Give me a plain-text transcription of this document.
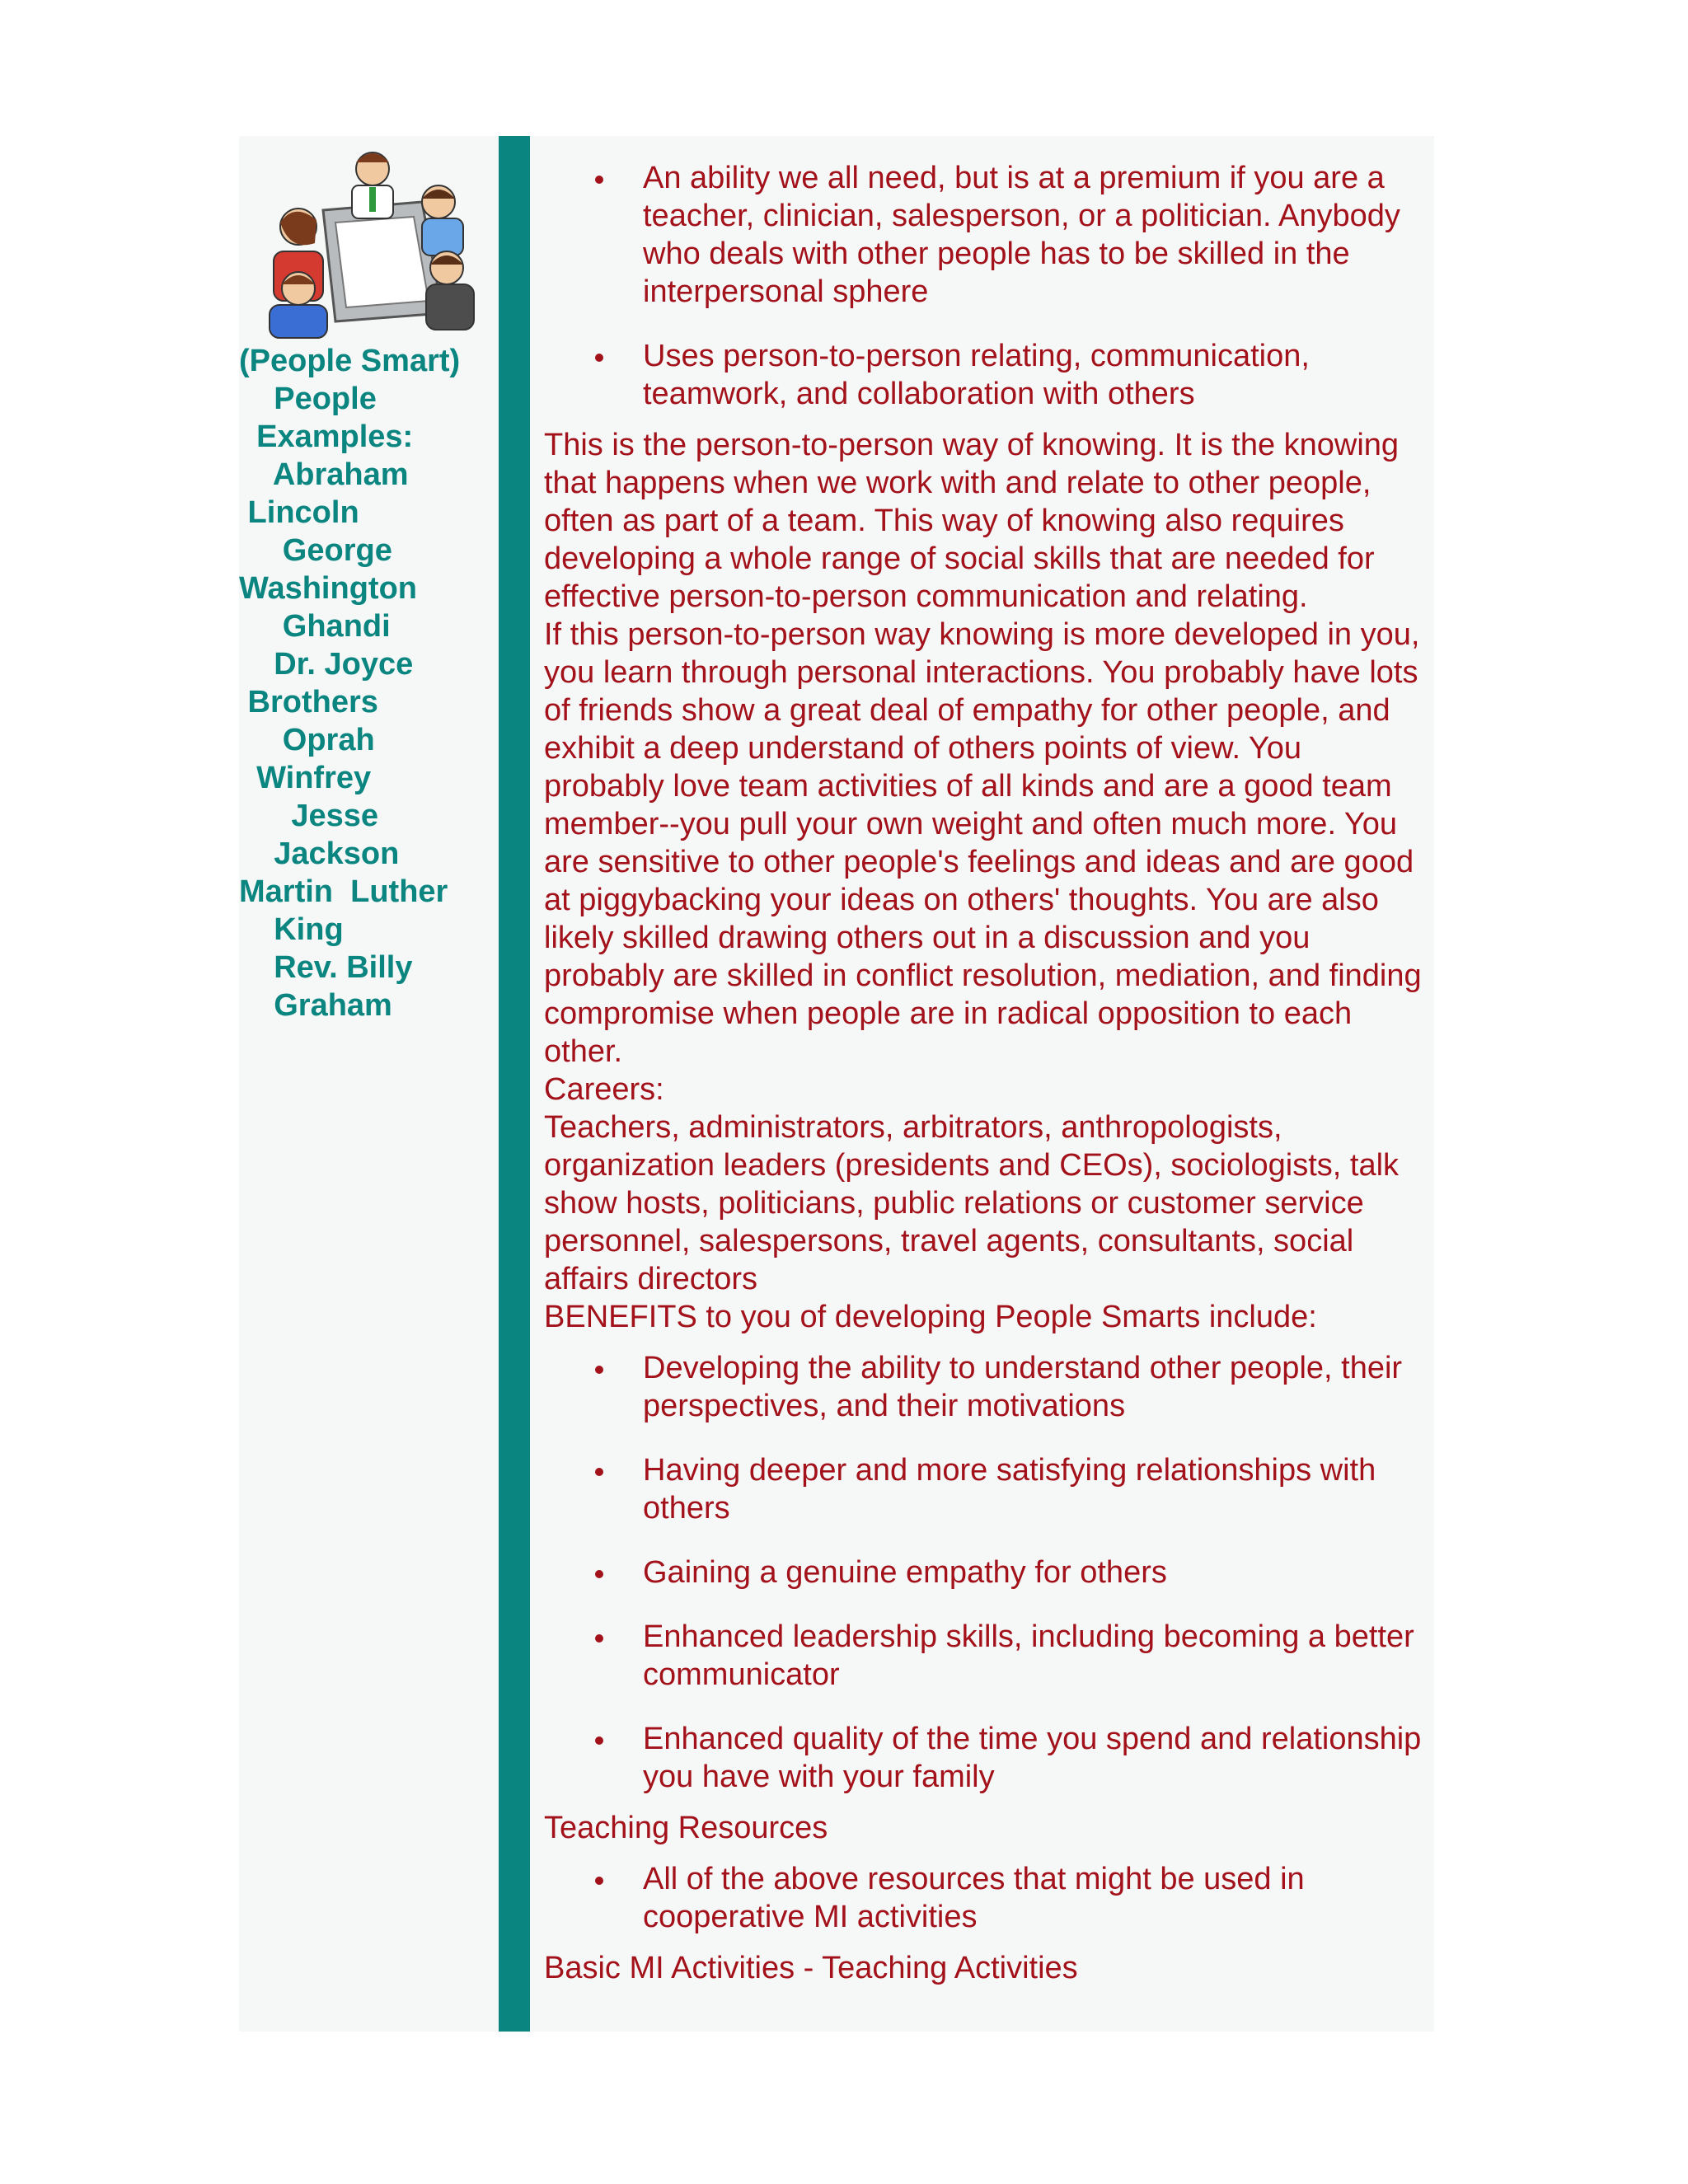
(People Smart)
People
Examples:
Abraham
Lincoln
George
Washington
Ghandi
Dr. Joyce
Brothers
Oprah
Winfrey
Jesse
Jackson
Martin  Luther
King
Rev. Billy
Graham
An ability we all need, but is at a premium if you are a teacher, clinician, salesperson, or a politician. Anybody who deals with other people has to be skilled in the interpersonal sphere
Uses person-to-person relating, communication, teamwork, and collaboration with others

This is the person-to-person way of knowing. It is the knowing that happens when we work with and relate to other people, often as part of a team. This way of knowing also requires developing a whole range of social skills that are needed for effective person-to-person communication and relating.

If this person-to-person way knowing is more developed in you, you learn through personal interactions. You probably have lots of friends show a great deal of empathy for other people, and exhibit a deep understand of others points of view. You probably love team activities of all kinds and are a good team member--you pull your own weight and often much more. You are sensitive to other people's feelings and ideas and are good at piggybacking your ideas on others' thoughts. You are also likely skilled drawing others out in a discussion and you probably are skilled in conflict resolution, mediation, and finding compromise when people are in radical opposition to each other.

Careers:

Teachers, administrators, arbitrators, anthropologists, organization leaders (presidents and CEOs), sociologists, talk show hosts, politicians, public relations or customer service personnel, salespersons, travel agents, consultants, social affairs directors

BENEFITS to you of developing People Smarts include:

Developing the ability to understand other people, their perspectives, and their motivations
Having deeper and more satisfying relationships with others
Gaining a genuine empathy for others
Enhanced leadership skills, including becoming a better communicator
Enhanced quality of the time you spend and relationship you have with your family

Teaching Resources

All of the above resources that might be used in cooperative MI activities

Basic MI Activities - Teaching Activities
